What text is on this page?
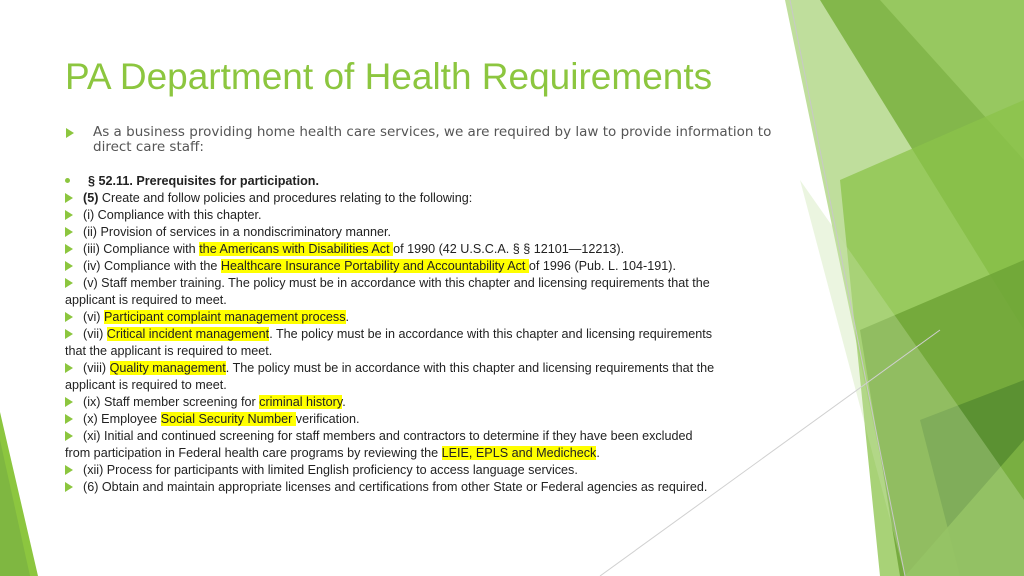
PA Department of Health Requirements
As a business providing home health care services, we are required by law to provide information to direct care staff:
§ 52.11. Prerequisites for participation.
(5) Create and follow policies and procedures relating to the following:
(i) Compliance with this chapter.
(ii) Provision of services in a nondiscriminatory manner.
(iii) Compliance with the Americans with Disabilities Act of 1990 (42 U.S.C.A. § § 12101—12213).
(iv) Compliance with the Healthcare Insurance Portability and Accountability Act of 1996 (Pub. L. 104-191).
(v) Staff member training. The policy must be in accordance with this chapter and licensing requirements that the
applicant is required to meet.
(vi) Participant complaint management process.
(vii) Critical incident management. The policy must be in accordance with this chapter and licensing requirements
that the applicant is required to meet.
(viii) Quality management. The policy must be in accordance with this chapter and licensing requirements that the
applicant is required to meet.
(ix) Staff member screening for criminal history.
(x) Employee Social Security Number verification.
(xi) Initial and continued screening for staff members and contractors to determine if they have been excluded
from participation in Federal health care programs by reviewing the LEIE, EPLS and Medicheck.
(xii) Process for participants with limited English proficiency to access language services.
(6) Obtain and maintain appropriate licenses and certifications from other State or Federal agencies as required.
